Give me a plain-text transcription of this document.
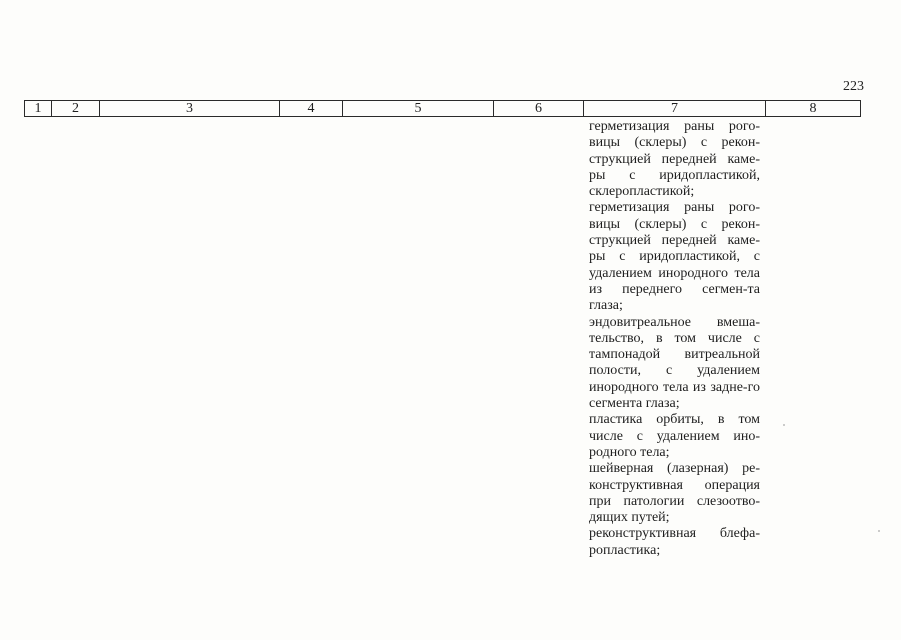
223
1	2	3	4	5	6	7	8
герметизация раны рого-вицы (склеры) с рекон-струкцией передней каме-ры с иридопластикой, склеропластикой;
герметизация раны рого-вицы (склеры) с рекон-струкцией передней каме-ры с иридопластикой, с удалением инородного тела из переднего сегмен-та глаза;
эндовитреальное вмеша-тельство, в том числе с тампонадой витреальной полости, с удалением инородного тела из задне-го сегмента глаза;
пластика орбиты, в том числе с удалением ино-родного тела;
шейверная (лазерная) ре-конструктивная операция при патологии слезоотво-дящих путей;
реконструктивная блефа-ропластика;
